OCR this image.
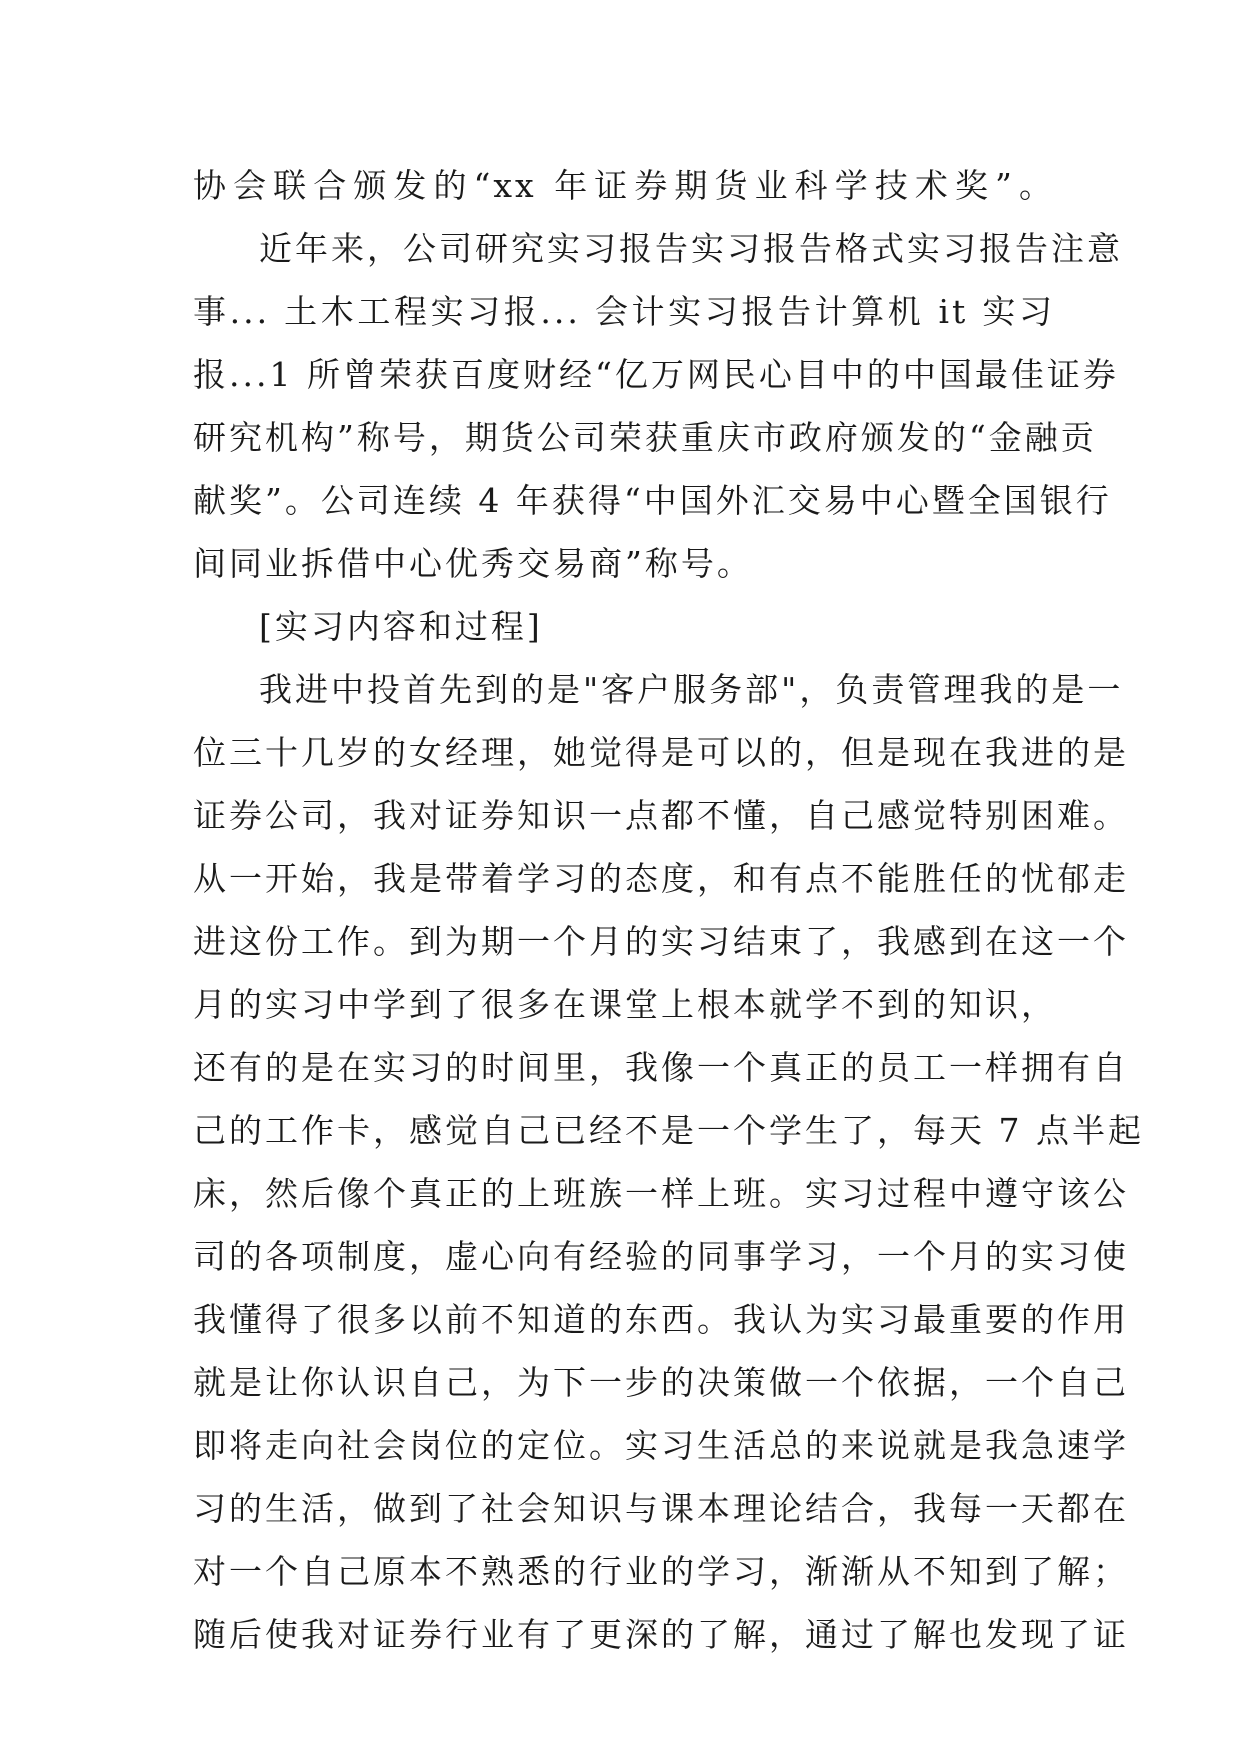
协会联合颁发的“xx 年证券期货业科学技术奖”。
近年来，公司研究实习报告实习报告格式实习报告注意
事... 土木工程实习报... 会计实习报告计算机 it 实习
报...1 所曾荣获百度财经“亿万网民心目中的中国最佳证券
研究机构”称号，期货公司荣获重庆市政府颁发的“金融贡
献奖”。公司连续 4 年获得“中国外汇交易中心暨全国银行
间同业拆借中心优秀交易商”称号。
[实习内容和过程]
我进中投首先到的是"客户服务部"，负责管理我的是一
位三十几岁的女经理，她觉得是可以的，但是现在我进的是
证券公司，我对证券知识一点都不懂，自己感觉特别困难。
从一开始，我是带着学习的态度，和有点不能胜任的忧郁走
进这份工作。到为期一个月的实习结束了，我感到在这一个
月的实习中学到了很多在课堂上根本就学不到的知识，
还有的是在实习的时间里，我像一个真正的员工一样拥有自
己的工作卡，感觉自己已经不是一个学生了，每天 7 点半起
床，然后像个真正的上班族一样上班。实习过程中遵守该公
司的各项制度，虚心向有经验的同事学习，一个月的实习使
我懂得了很多以前不知道的东西。我认为实习最重要的作用
就是让你认识自己，为下一步的决策做一个依据，一个自己
即将走向社会岗位的定位。实习生活总的来说就是我急速学
习的生活，做到了社会知识与课本理论结合，我每一天都在
对一个自己原本不熟悉的行业的学习，渐渐从不知到了解；
随后使我对证券行业有了更深的了解，通过了解也发现了证
